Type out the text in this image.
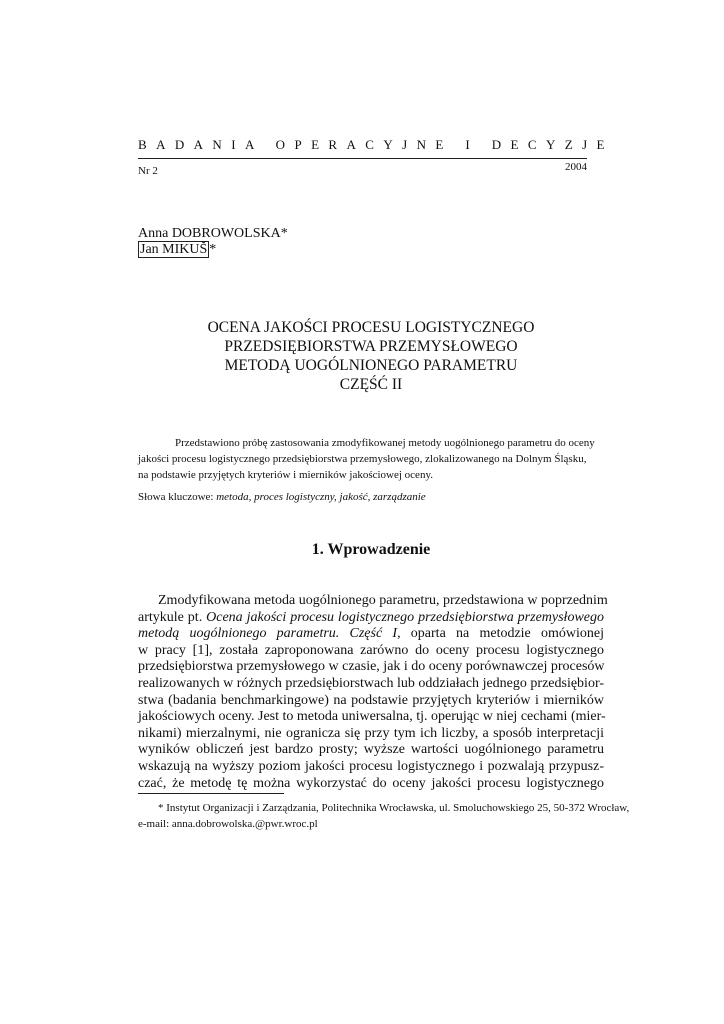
BADANIA OPERACYJNE I DECYZJE
Nr 2	2004
Anna DOBROWOLSKA*
Jan MIKUŠ *
OCENA JAKOŚCI PROCESU LOGISTYCZNEGO
PRZEDSIĘBIORSTWA PRZEMYSŁOWEGO
METODĄ UOGÓLNIONEGO PARAMETRU
CZĘŚĆ II
Przedstawiono próbę zastosowania zmodyfikowanej metody uogólnionego parametru do oceny
jakości procesu logistycznego przedsiębiorstwa przemysłowego, zlokalizowanego na Dolnym Śląsku,
na podstawie przyjętych kryteriów i mierników jakościowej oceny.
Słowa kluczowe: metoda, proces logistyczny, jakość, zarządzanie
1. Wprowadzenie
Zmodyfikowana metoda uogólnionego parametru, przedstawiona w poprzednim
artykule pt. Ocena jakości procesu logistycznego przedsiębiorstwa przemysłowego
metodą uogólnionego parametru. Część I, oparta na metodzie omówionej
w pracy [1], została zaproponowana zarówno do oceny procesu logistycznego
przedsiębiorstwa przemysłowego w czasie, jak i do oceny porównawczej procesów
realizowanych w różnych przedsiębiorstwach lub oddziałach jednego przedsiębior-
stwa (badania benchmarkingowe) na podstawie przyjętych kryteriów i mierników
jakościowych oceny. Jest to metoda uniwersalna, tj. operując w niej cechami (mier-
nikami) mierzalnymi, nie ogranicza się przy tym ich liczby, a sposób interpretacji
wyników obliczeń jest bardzo prosty; wyższe wartości uogólnionego parametru
wskazują na wyższy poziom jakości procesu logistycznego i pozwalają przypusz-
czać, że metodę tę można wykorzystać do oceny jakości procesu logistycznego
* Instytut Organizacji i Zarządzania, Politechnika Wrocławska, ul. Smoluchowskiego 25, 50-372 Wrocław,
e-mail: anna.dobrowolska.@pwr.wroc.pl
